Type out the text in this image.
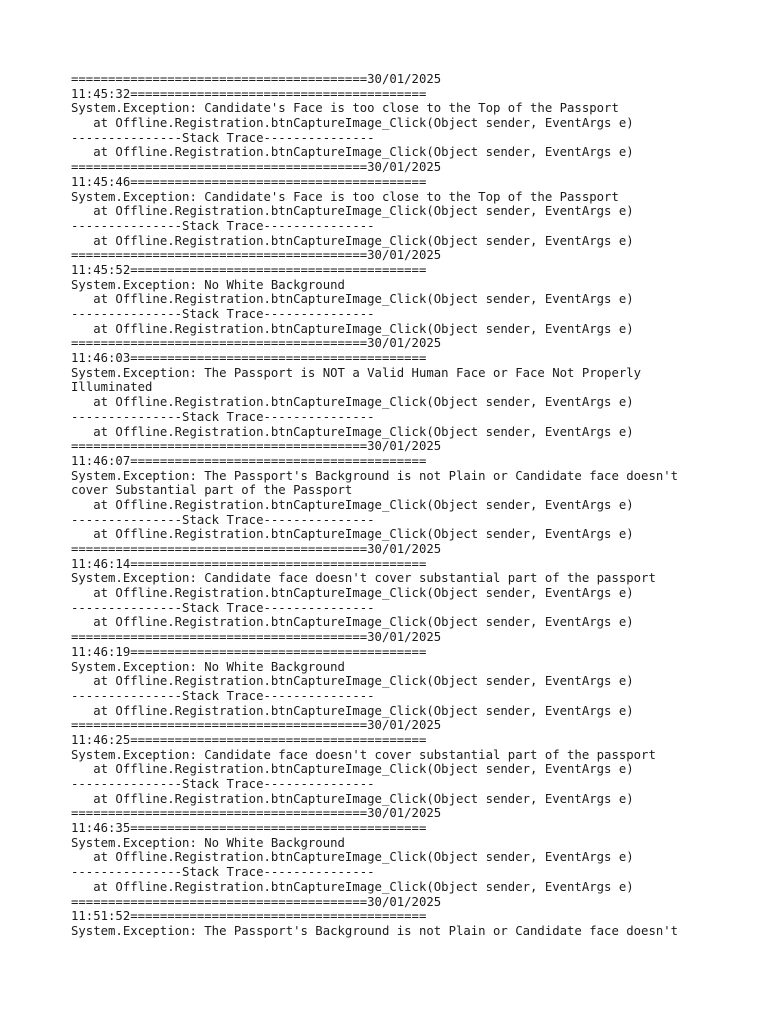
========================================30/01/2025
11:45:32========================================
System.Exception: Candidate's Face is too close to the Top of the Passport
at Offline.Registration.btnCaptureImage_Click(Object sender, EventArgs e)
---------------Stack Trace---------------
at Offline.Registration.btnCaptureImage_Click(Object sender, EventArgs e)
========================================30/01/2025
11:45:46========================================
System.Exception: Candidate's Face is too close to the Top of the Passport
at Offline.Registration.btnCaptureImage_Click(Object sender, EventArgs e)
---------------Stack Trace---------------
at Offline.Registration.btnCaptureImage_Click(Object sender, EventArgs e)
========================================30/01/2025
11:45:52========================================
System.Exception: No White Background
at Offline.Registration.btnCaptureImage_Click(Object sender, EventArgs e)
---------------Stack Trace---------------
at Offline.Registration.btnCaptureImage_Click(Object sender, EventArgs e)
========================================30/01/2025
11:46:03========================================
System.Exception: The Passport is NOT a Valid Human Face or Face Not Properly
Illuminated
at Offline.Registration.btnCaptureImage_Click(Object sender, EventArgs e)
---------------Stack Trace---------------
at Offline.Registration.btnCaptureImage_Click(Object sender, EventArgs e)
========================================30/01/2025
11:46:07========================================
System.Exception: The Passport's Background is not Plain or Candidate face doesn't
cover Substantial part of the Passport
at Offline.Registration.btnCaptureImage_Click(Object sender, EventArgs e)
---------------Stack Trace---------------
at Offline.Registration.btnCaptureImage_Click(Object sender, EventArgs e)
========================================30/01/2025
11:46:14========================================
System.Exception: Candidate face doesn't cover substantial part of the passport
at Offline.Registration.btnCaptureImage_Click(Object sender, EventArgs e)
---------------Stack Trace---------------
at Offline.Registration.btnCaptureImage_Click(Object sender, EventArgs e)
========================================30/01/2025
11:46:19========================================
System.Exception: No White Background
at Offline.Registration.btnCaptureImage_Click(Object sender, EventArgs e)
---------------Stack Trace---------------
at Offline.Registration.btnCaptureImage_Click(Object sender, EventArgs e)
========================================30/01/2025
11:46:25========================================
System.Exception: Candidate face doesn't cover substantial part of the passport
at Offline.Registration.btnCaptureImage_Click(Object sender, EventArgs e)
---------------Stack Trace---------------
at Offline.Registration.btnCaptureImage_Click(Object sender, EventArgs e)
========================================30/01/2025
11:46:35========================================
System.Exception: No White Background
at Offline.Registration.btnCaptureImage_Click(Object sender, EventArgs e)
---------------Stack Trace---------------
at Offline.Registration.btnCaptureImage_Click(Object sender, EventArgs e)
========================================30/01/2025
11:51:52========================================
System.Exception: The Passport's Background is not Plain or Candidate face doesn't
